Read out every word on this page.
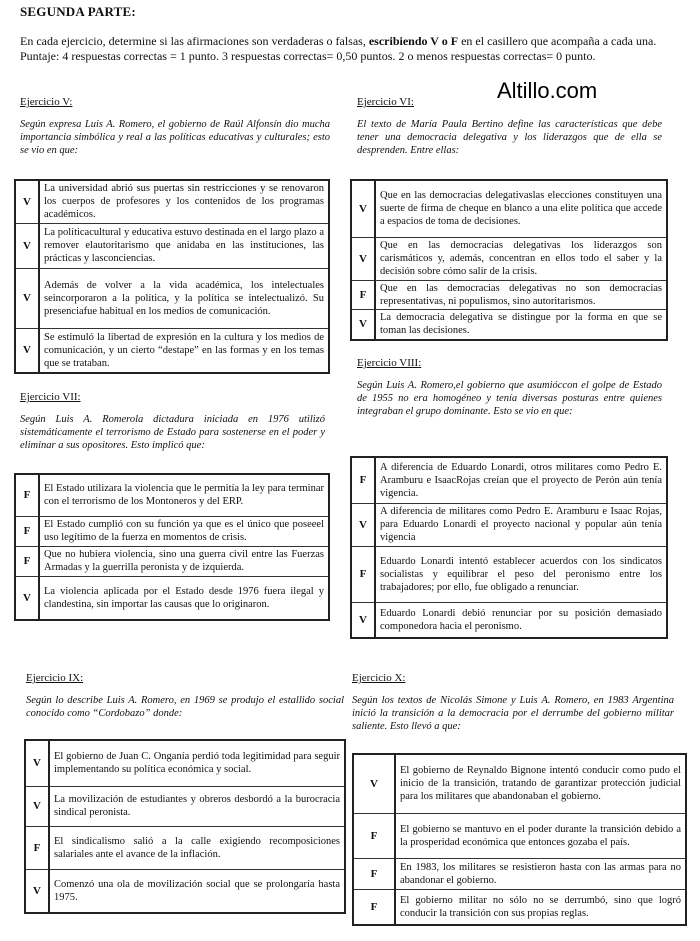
SEGUNDA PARTE:
En cada ejercicio, determine si las afirmaciones son verdaderas o falsas, escribiendo V o F en el casillero que acompaña a cada una. Puntaje: 4 respuestas correctas = 1 punto. 3 respuestas correctas= 0,50 puntos. 2 o menos respuestas correctas= 0 punto.
Altillo.com
Ejercicio V:
Según expresa Luis A. Romero, el gobierno de Raúl Alfonsín dio mucha importancia simbólica y real a las políticas educativas y culturales; esto se vio en que:
V	La universidad abrió sus puertas sin restricciones y se renovaron los cuerpos de profesores y los contenidos de los programas académicos.
V	La políticacultural y educativa estuvo destinada en el largo plazo a remover elautoritarismo que anidaba en las instituciones, las prácticas y lasconciencias.
V	Además de volver a la vida académica, los intelectuales seincorporaron a la política, y la política se intelectualizó. Su presenciafue habitual en los medios de comunicación.
V	Se estimuló la libertad de expresión en la cultura y los medios de comunicación, y un cierto “destape” en las formas y en los temas que se trataban.
Ejercicio VI:
El texto de María Paula Bertino define las características que debe tener una democracia delegativa y los liderazgos que de ella se desprenden. Entre ellas:
V	Que en las democracias delegativaslas elecciones constituyen una suerte de firma de cheque en blanco a una elite política que accede a espacios de toma de decisiones.
V	Que en las democracias delegativas los liderazgos son carismáticos y, además, concentran en ellos todo el saber y la decisión sobre cómo salir de la crisis.
F	Que en las democracias delegativas no son democracias representativas, ni populismos, sino autoritarismos.
V	La democracia delegativa se distingue por la forma en que se toman las decisiones.
Ejercicio VII:
Según Luis A. Romerola dictadura iniciada en 1976 utilizó sistemáticamente el terrorismo de Estado para sostenerse en el poder y eliminar a sus opositores. Esto implicó que:
F	El Estado utilizara la violencia que le permitía la ley para terminar con el terrorismo de los Montoneros y del ERP.
F	El Estado cumplió con su función ya que es el único que poseeel uso legítimo de la fuerza en momentos de crisis.
F	Que no hubiera violencia, sino una guerra civil entre las Fuerzas Armadas y la guerrilla peronista y de izquierda.
V	La violencia aplicada por el Estado desde 1976 fuera ilegal y clandestina, sin importar las causas que lo originaron.
Ejercicio VIII:
Según Luis A. Romero,el gobierno que asumióccon el golpe de Estado de 1955 no era homogéneo y tenía diversas posturas entre quienes integraban el grupo dominante. Esto se vio en que:
F	A diferencia de Eduardo Lonardi, otros militares como Pedro E. Aramburu e IsaacRojas creían que el proyecto de Perón aún tenía vigencia.
V	A diferencia de militares como Pedro E. Aramburu e Isaac Rojas, para Eduardo Lonardi el proyecto nacional y popular aún tenía vigencia
F	Eduardo Lonardi intentó establecer acuerdos con los sindicatos socialistas y equilibrar el peso del peronismo entre los trabajadores; por ello, fue obligado a renunciar.
V	Eduardo Lonardi debió renunciar por su posición demasiado componedora hacia el peronismo.
Ejercicio IX:
Según lo describe Luis A. Romero, en 1969 se produjo el estallido social conocido como “Cordobazo” donde:
V	El gobierno de Juan C. Onganía perdió toda legitimidad para seguir implementando su política económica y social.
V	La movilización de estudiantes y obreros desbordó a la burocracia sindical peronista.
F	El sindicalismo salió a la calle exigiendo recomposiciones salariales ante el avance de la inflación.
V	Comenzó una ola de movilización social que se prolongaría hasta 1975.
Ejercicio X:
Según los textos de Nicolás Simone y Luis A. Romero, en 1983 Argentina inició la transición a la democracia por el derrumbe del gobierno militar saliente. Esto llevó a que:
V	El gobierno de Reynaldo Bignone intentó conducir como pudo el inicio de la transición, tratando de garantizar protección judicial para los militares que abandonaban el gobierno.
F	El gobierno se mantuvo en el poder durante la transición debido a la prosperidad económica que entonces gozaba el país.
F	En 1983, los militares se resistieron hasta con las armas para no abandonar el gobierno.
F	El gobierno militar no sólo no se derrumbó, sino que logró conducir la transición con sus propias reglas.
